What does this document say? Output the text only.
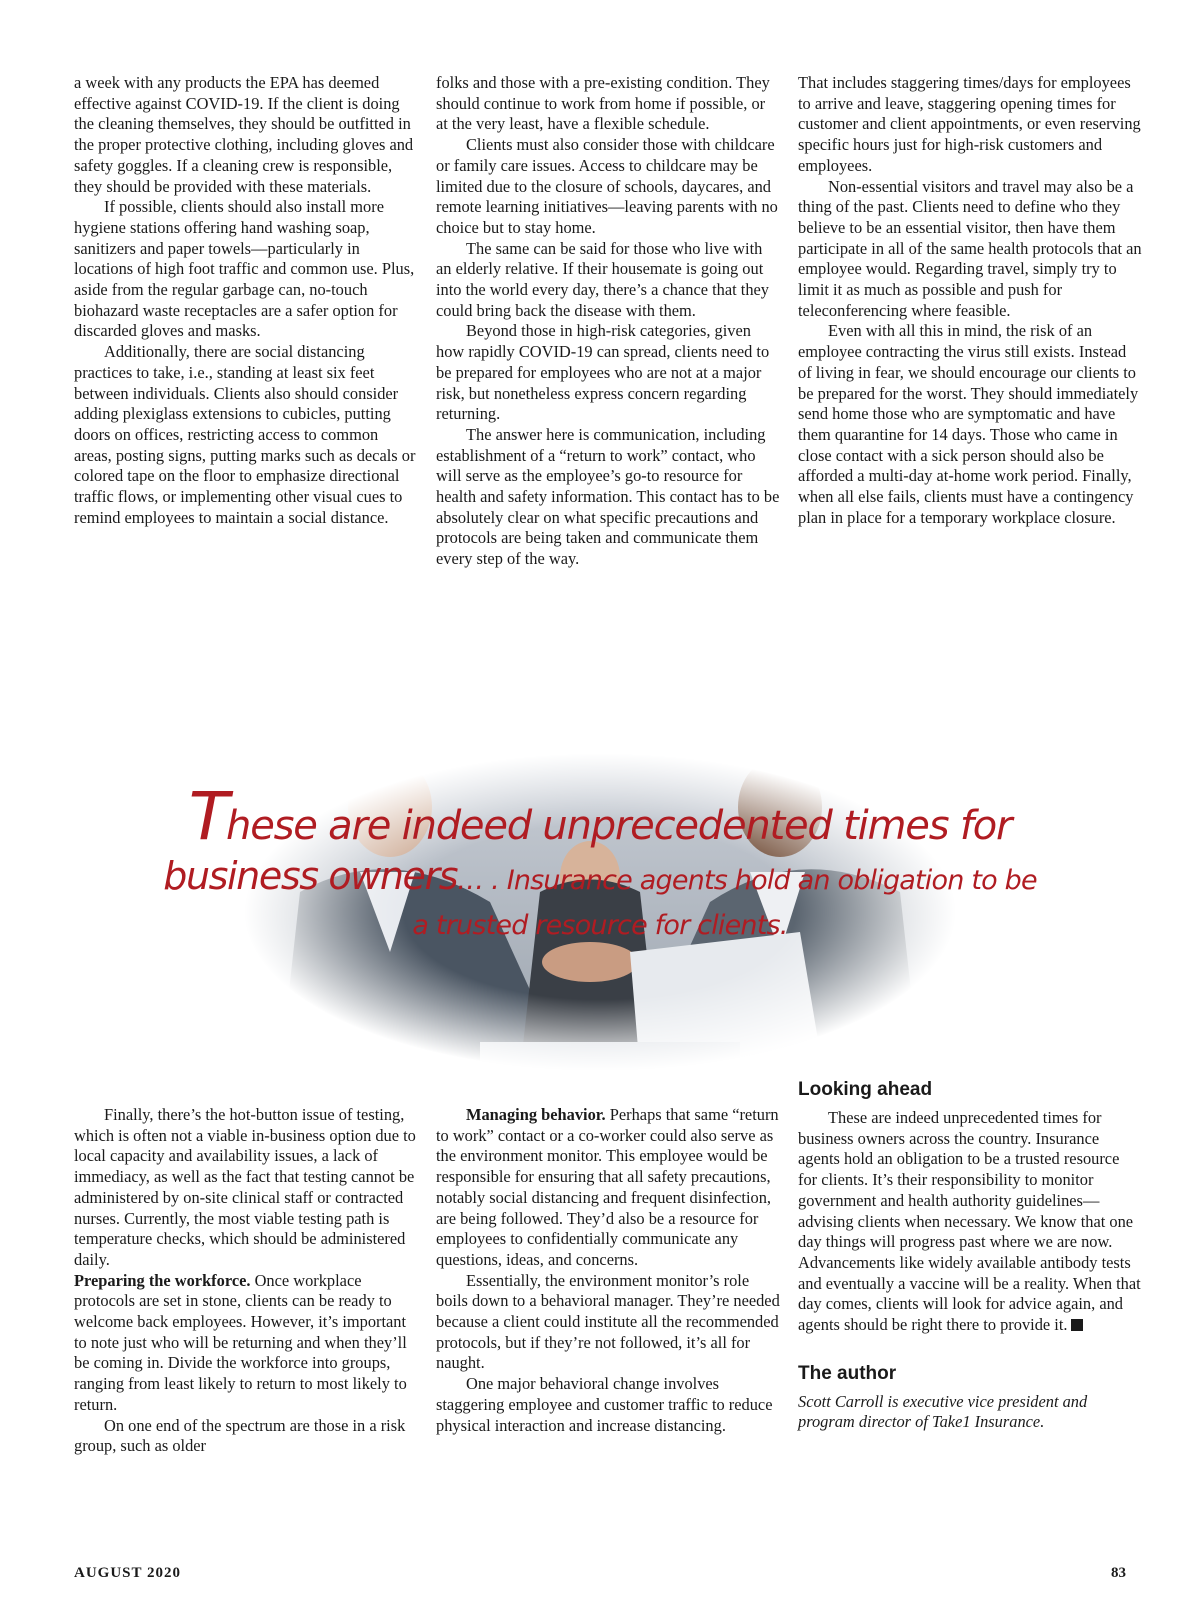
a week with any products the EPA has deemed effective against COVID-19. If the client is doing the cleaning themselves, they should be outfitted in the proper protective clothing, including gloves and safety goggles. If a cleaning crew is responsible, they should be provided with these materials.

If possible, clients should also install more hygiene stations offering hand washing soap, sanitizers and paper towels—particularly in locations of high foot traffic and common use. Plus, aside from the regular garbage can, no-touch biohazard waste receptacles are a safer option for discarded gloves and masks.

Additionally, there are social distancing practices to take, i.e., standing at least six feet between individuals. Clients also should consider adding plexiglass extensions to cubicles, putting doors on offices, restricting access to common areas, posting signs, putting marks such as decals or colored tape on the floor to emphasize directional traffic flows, or implementing other visual cues to remind employees to maintain a social distance.

folks and those with a pre-existing condition. They should continue to work from home if possible, or at the very least, have a flexible schedule.

Clients must also consider those with childcare or family care issues. Access to childcare may be limited due to the closure of schools, daycares, and remote learning initiatives—leaving parents with no choice but to stay home.

The same can be said for those who live with an elderly relative. If their housemate is going out into the world every day, there’s a chance that they could bring back the disease with them.

Beyond those in high-risk categories, given how rapidly COVID-19 can spread, clients need to be prepared for employees who are not at a major risk, but nonetheless express concern regarding returning.

The answer here is communication, including establishment of a “return to work” contact, who will serve as the employee’s go-to resource for health and safety information. This contact has to be absolutely clear on what specific precautions and protocols are being taken and communicate them every step of the way.

That includes staggering times/days for employees to arrive and leave, staggering opening times for customer and client appointments, or even reserving specific hours just for high-risk customers and employees.

Non-essential visitors and travel may also be a thing of the past. Clients need to define who they believe to be an essential visitor, then have them participate in all of the same health protocols that an employee would. Regarding travel, simply try to limit it as much as possible and push for teleconferencing where feasible.

Even with all this in mind, the risk of an employee contracting the virus still exists. Instead of living in fear, we should encourage our clients to be prepared for the worst. They should immediately send home those who are symptomatic and have them quarantine for 14 days. Those who came in close contact with a sick person should also be afforded a multi-day at-home work period. Finally, when all else fails, clients must have a contingency plan in place for a temporary workplace closure.

These are indeed unprecedented times for
business owners… . Insurance agents hold an obligation to be
a trusted resource for clients.

Finally, there’s the hot-button issue of testing, which is often not a viable in-business option due to local capacity and availability issues, a lack of immediacy, as well as the fact that testing cannot be administered by on-site clinical staff or contracted nurses. Currently, the most viable testing path is temperature checks, which should be administered daily.

Preparing the workforce. Once workplace protocols are set in stone, clients can be ready to welcome back employees. However, it’s important to note just who will be returning and when they’ll be coming in. Divide the workforce into groups, ranging from least likely to return to most likely to return.

On one end of the spectrum are those in a risk group, such as older

Managing behavior. Perhaps that same “return to work” contact or a co-worker could also serve as the environment monitor. This employee would be responsible for ensuring that all safety precautions, notably social distancing and frequent disinfection, are being followed. They’d also be a resource for employees to confidentially communicate any questions, ideas, and concerns.

Essentially, the environment monitor’s role boils down to a behavioral manager. They’re needed because a client could institute all the recommended protocols, but if they’re not followed, it’s all for naught.

One major behavioral change involves staggering employee and customer traffic to reduce physical interaction and increase distancing.

Looking ahead

These are indeed unprecedented times for business owners across the country. Insurance agents hold an obligation to be a trusted resource for clients. It’s their responsibility to monitor government and health authority guidelines—advising clients when necessary. We know that one day things will progress past where we are now. Advancements like widely available antibody tests and eventually a vaccine will be a reality. When that day comes, clients will look for advice again, and agents should be right there to provide it.

The author

Scott Carroll is executive vice president and program director of Take1 Insurance.

AUGUST 2020	83
